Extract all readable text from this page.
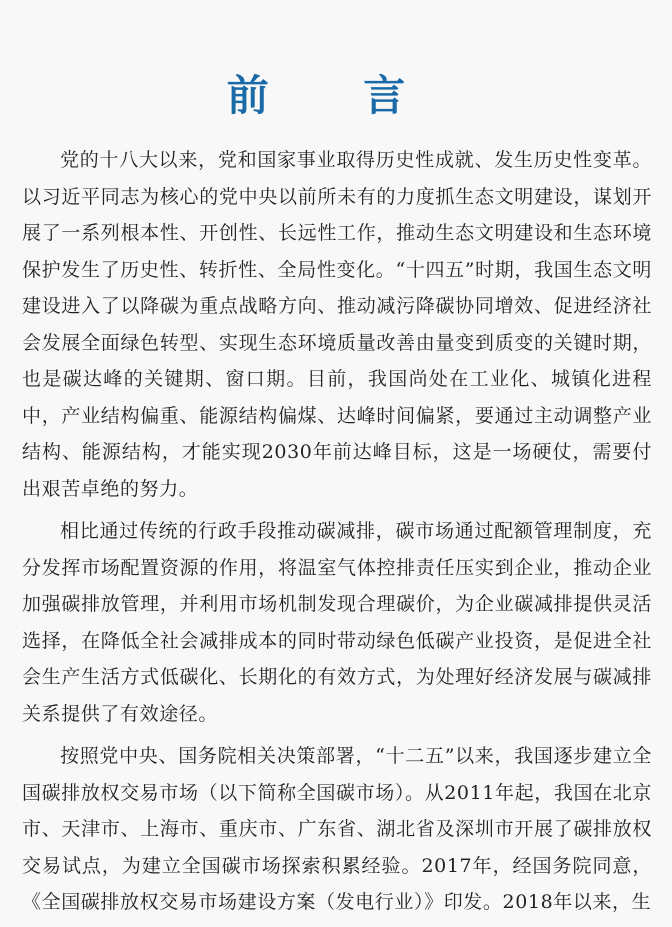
前 言

党的十八大以来，党和国家事业取得历史性成就、发生历史性变革。以习近平同志为核心的党中央以前所未有的力度抓生态文明建设，谋划开展了一系列根本性、开创性、长远性工作，推动生态文明建设和生态环境保护发生了历史性、转折性、全局性变化。“十四五”时期，我国生态文明建设进入了以降碳为重点战略方向、推动减污降碳协同增效、促进经济社会发展全面绿色转型、实现生态环境质量改善由量变到质变的关键时期，也是碳达峰的关键期、窗口期。目前，我国尚处在工业化、城镇化进程中，产业结构偏重、能源结构偏煤、达峰时间偏紧，要通过主动调整产业结构、能源结构，才能实现2030年前达峰目标，这是一场硬仗，需要付出艰苦卓绝的努力。

相比通过传统的行政手段推动碳减排，碳市场通过配额管理制度，充分发挥市场配置资源的作用，将温室气体控排责任压实到企业，推动企业加强碳排放管理，并利用市场机制发现合理碳价，为企业碳减排提供灵活选择，在降低全社会减排成本的同时带动绿色低碳产业投资，是促进全社会生产生活方式低碳化、长期化的有效方式，为处理好经济发展与碳减排关系提供了有效途径。

按照党中央、国务院相关决策部署，“十二五”以来，我国逐步建立全国碳排放权交易市场（以下简称全国碳市场）。从2011年起，我国在北京市、天津市、上海市、重庆市、广东省、湖北省及深圳市开展了碳排放权交易试点，为建立全国碳市场探索积累经验。2017年，经国务院同意，《全国碳排放权交易市场建设方案（发电行业）》印发。2018年以来，生
